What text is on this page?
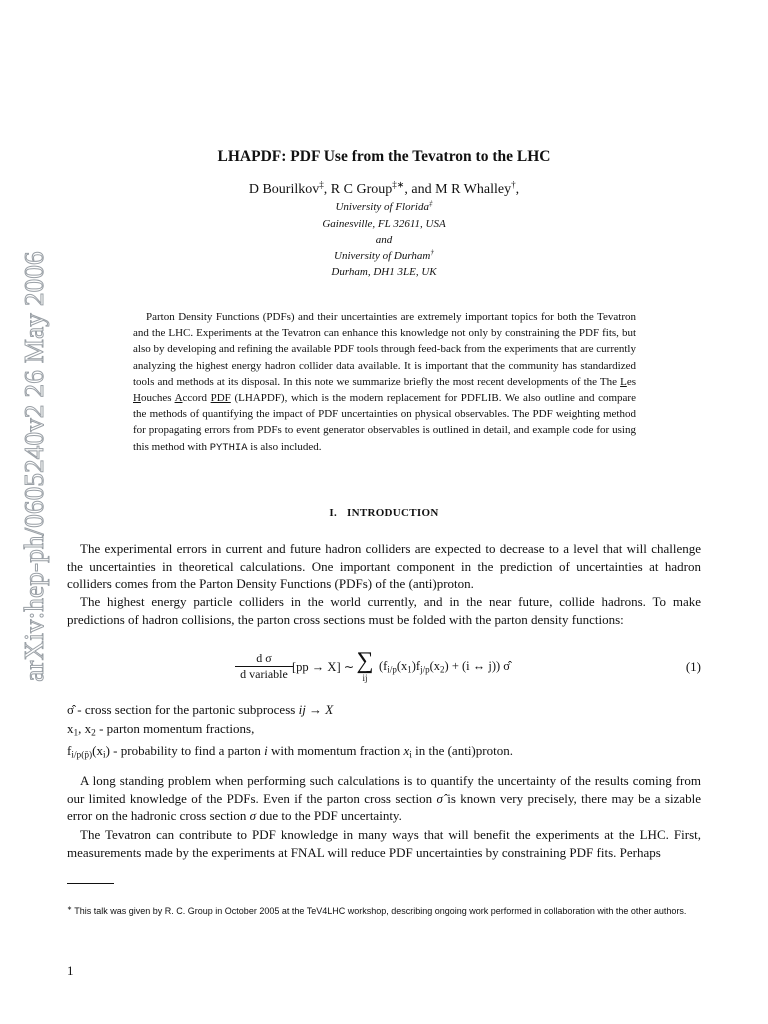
arXiv:hep-ph/0605240v2 26 May 2006
LHAPDF: PDF Use from the Tevatron to the LHC
D Bourilkov‡, R C Group‡∗, and M R Whalley†,
University of Florida‡
Gainesville, FL 32611, USA
and
University of Durham†
Durham, DH1 3LE, UK

Parton Density Functions (PDFs) and their uncertainties are extremely important topics for both the Tevatron and the LHC. Experiments at the Tevatron can enhance this knowledge not only by constraining the PDF fits, but also by developing and refining the available PDF tools through feed-back from the experiments that are currently analyzing the highest energy hadron collider data available. It is important that the community has standardized tools and methods at its disposal. In this note we summarize briefly the most recent developments of the The Les Houches Accord PDF (LHAPDF), which is the modern replacement for PDFLIB. We also outline and compare the methods of quantifying the impact of PDF uncertainties on physical observables. The PDF weighting method for propagating errors from PDFs to event generator observables is outlined in detail, and example code for using this method with PYTHIA is also included.

I. INTRODUCTION

The experimental errors in current and future hadron colliders are expected to decrease to a level that will challenge the uncertainties in theoretical calculations. One important component in the prediction of uncertainties at hadron colliders comes from the Parton Density Functions (PDFs) of the (anti)proton.

The highest energy particle colliders in the world currently, and in the near future, collide hadrons. To make predictions of hadron collisions, the parton cross sections must be folded with the parton density functions:

d σ
d variable [pp → X] ∼ ∑
ij
($f_{i/p}(x_1)f_{j/p}(x_2) + (i$ ↔ j)) σ̂	(1)
σ̂ - cross section for the partonic subprocess ij → X
$x_1$, $x_2$ - parton momentum fractions,
$f_{i/p(p̄)}(x_i)$ - probability to find a parton i with momentum fraction $x_i$ in the (anti)proton.

A long standing problem when performing such calculations is to quantify the uncertainty of the results coming from our limited knowledge of the PDFs. Even if the parton cross section σ̂ is known very precisely, there may be a sizable error on the hadronic cross section σ due to the PDF uncertainty.

The Tevatron can contribute to PDF knowledge in many ways that will benefit the experiments at the LHC. First, measurements made by the experiments at FNAL will reduce PDF uncertainties by constraining PDF fits. Perhaps

∗ This talk was given by R. C. Group in October 2005 at the TeV4LHC workshop, describing ongoing work performed in collaboration with the other authors.
1
